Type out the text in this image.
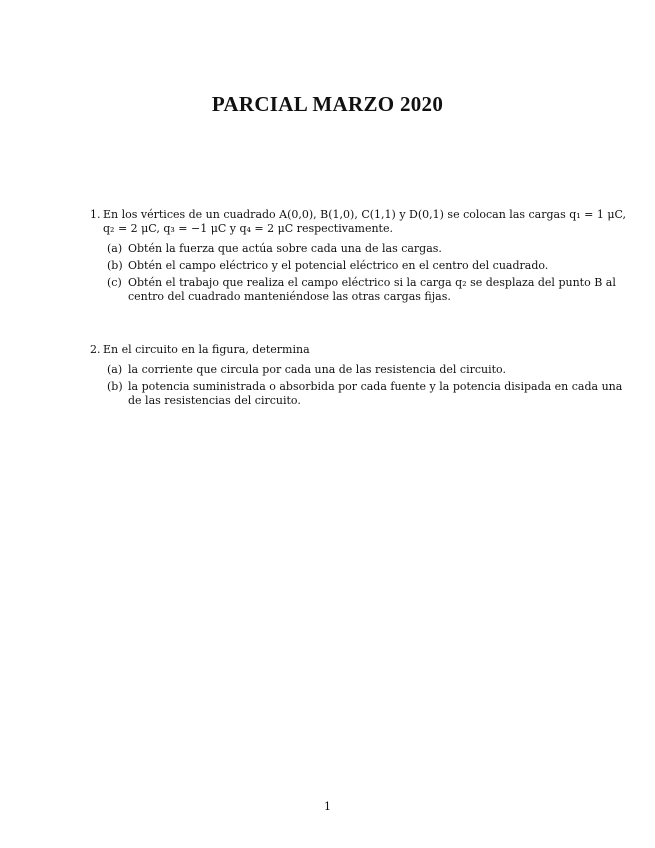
PARCIAL MARZO 2020
1. En los vértices de un cuadrado A(0,0), B(1,0), C(1,1) y D(0,1) se colocan las cargas q₁ = 1 μC, q₂ = 2 μC, q₃ = −1 μC y q₄ = 2 μC respectivamente.
(a) Obtén la fuerza que actúa sobre cada una de las cargas.
(b) Obtén el campo eléctrico y el potencial eléctrico en el centro del cuadrado.
(c) Obtén el trabajo que realiza el campo eléctrico si la carga q₂ se desplaza del punto B al centro del cuadrado manteniéndose las otras cargas fijas.
2. En el circuito en la figura, determina
(a) la corriente que circula por cada una de las resistencia del circuito.
(b) la potencia suministrada o absorbida por cada fuente y la potencia disipada en cada una de las resistencias del circuito.
1
